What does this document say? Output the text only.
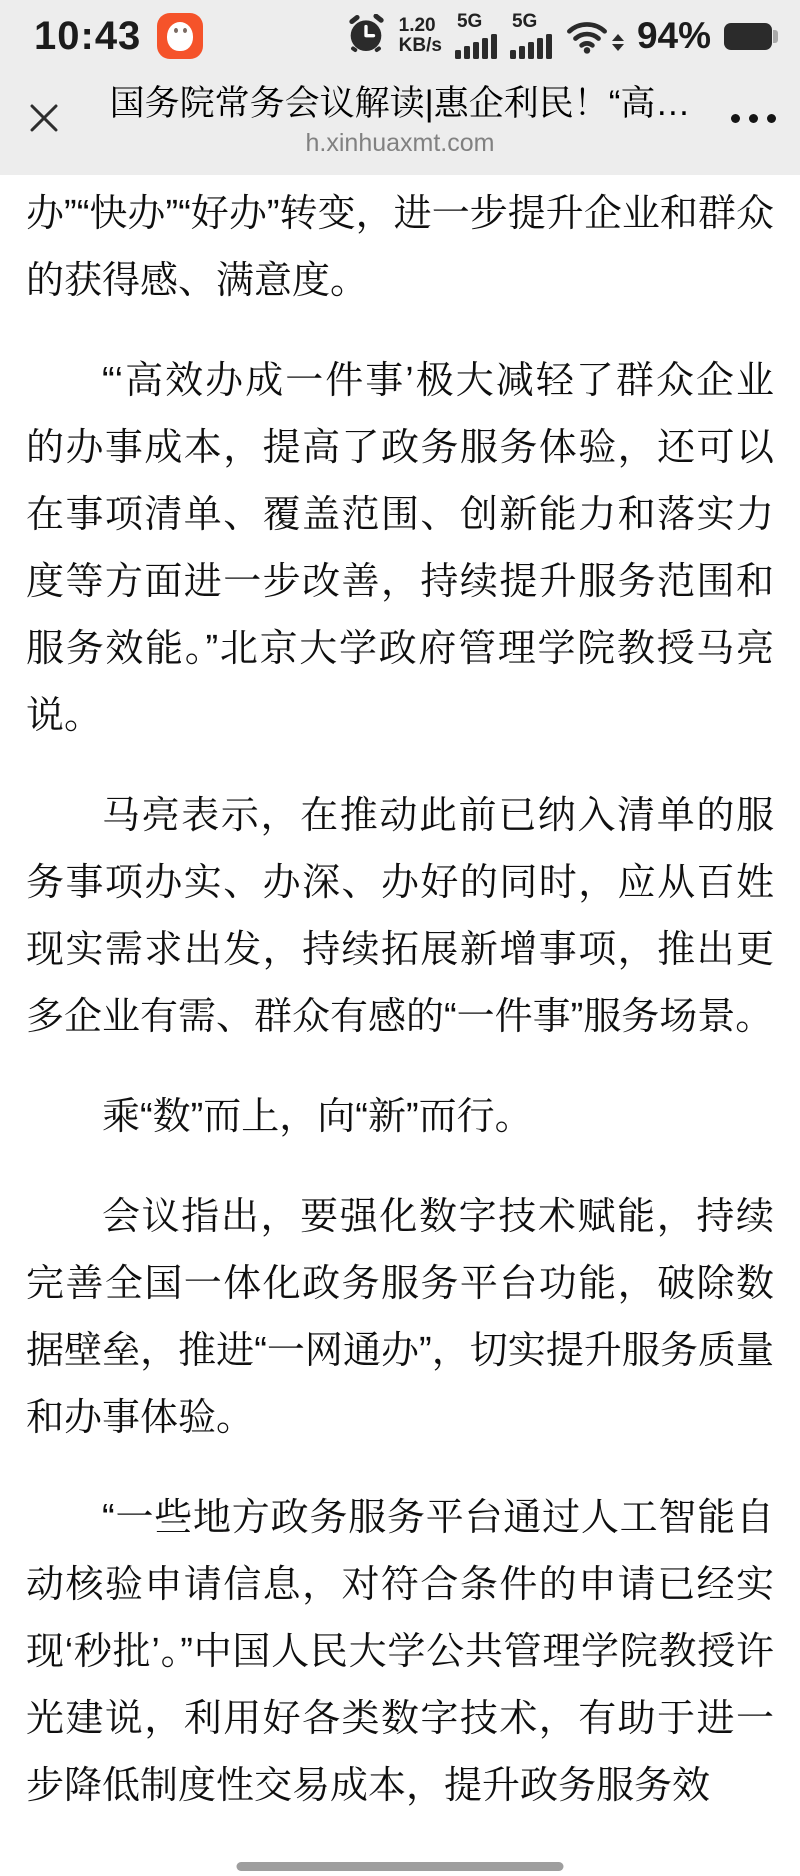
10:43	1.20
KB/s
5G 5G	94%
国务院常务会议解读|惠企利民！“高…
h.xinhuaxmt.com

办”“快办”“好办”转变，进一步提升企业和群众的获得感、满意度。

“‘高效办成一件事’极大减轻了群众企业的办事成本，提高了政务服务体验，还可以在事项清单、覆盖范围、创新能力和落实力度等方面进一步改善，持续提升服务范围和服务效能。”北京大学政府管理学院教授马亮说。

马亮表示，在推动此前已纳入清单的服务事项办实、办深、办好的同时，应从百姓现实需求出发，持续拓展新增事项，推出更多企业有需、群众有感的“一件事”服务场景。

乘“数”而上，向“新”而行。

会议指出，要强化数字技术赋能，持续完善全国一体化政务服务平台功能，破除数据壁垒，推进“一网通办”，切实提升服务质量和办事体验。

“一些地方政务服务平台通过人工智能自动核验申请信息，对符合条件的申请已经实现‘秒批’。”中国人民大学公共管理学院教授许光建说，利用好各类数字技术，有助于进一步降低制度性交易成本，提升政务服务效
